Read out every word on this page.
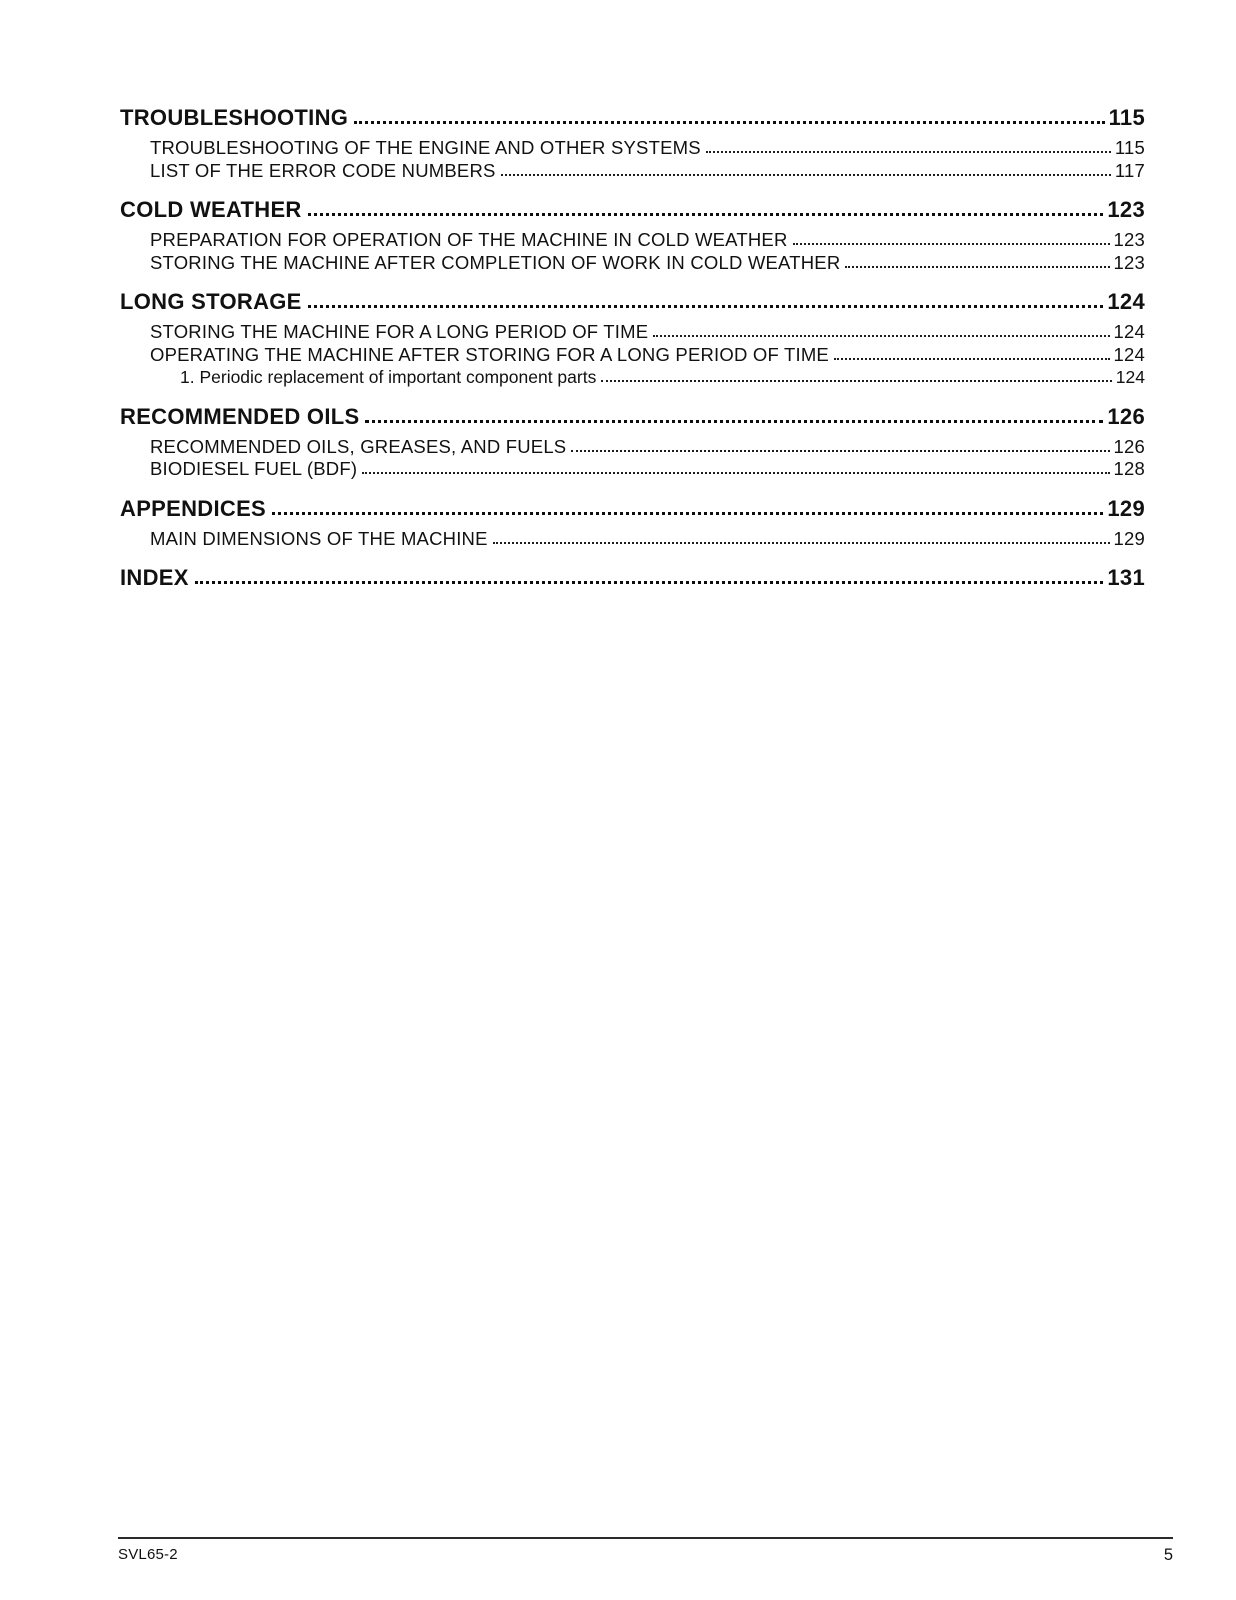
TROUBLESHOOTING	115
TROUBLESHOOTING OF THE ENGINE AND OTHER SYSTEMS	115
LIST OF THE ERROR CODE NUMBERS	117
COLD WEATHER	123
PREPARATION FOR OPERATION OF THE MACHINE IN COLD WEATHER	123
STORING THE MACHINE AFTER COMPLETION OF WORK IN COLD WEATHER	123
LONG STORAGE	124
STORING THE MACHINE FOR A LONG PERIOD OF TIME	124
OPERATING THE MACHINE AFTER STORING FOR A LONG PERIOD OF TIME	124
1. Periodic replacement of important component parts	124
RECOMMENDED OILS	126
RECOMMENDED OILS, GREASES, AND FUELS	126
BIODIESEL FUEL (BDF)	128
APPENDICES	129
MAIN DIMENSIONS OF THE MACHINE	129
INDEX	131
SVL65-2	5
